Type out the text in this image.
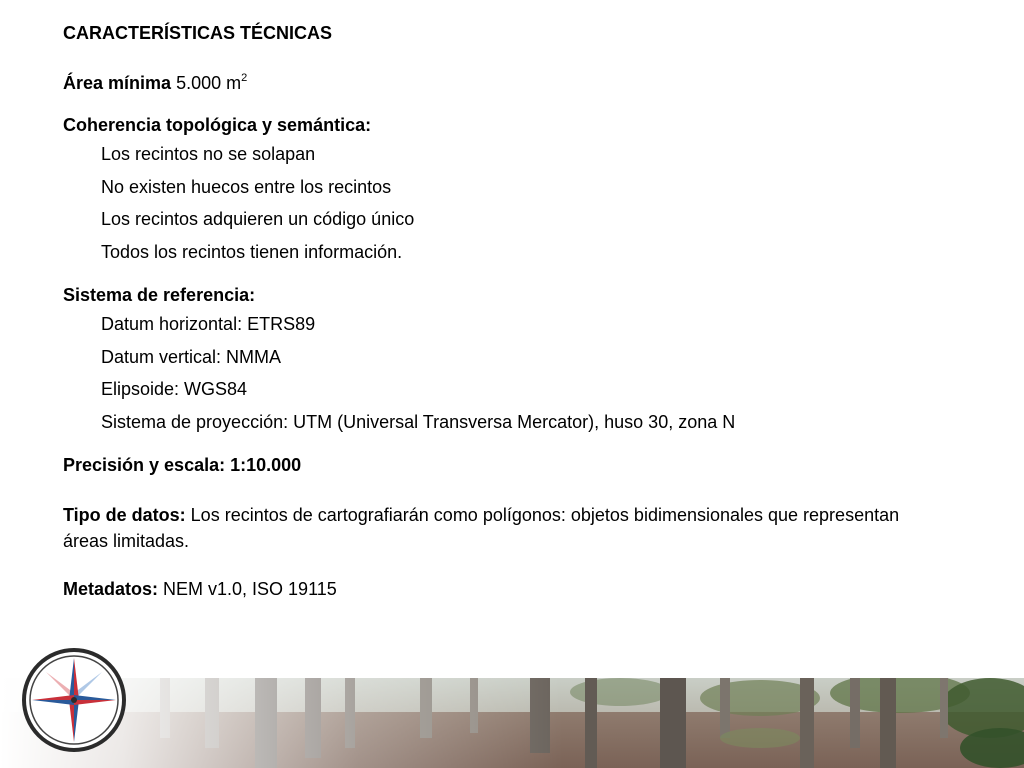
CARACTERÍSTICAS TÉCNICAS
Área mínima 5.000 $m^2$
Coherencia topológica y semántica:
Los recintos no se solapan
No existen huecos entre los recintos
Los recintos adquieren un código único
Todos los recintos tienen información.
Sistema de referencia:
Datum horizontal: ETRS89
Datum vertical: NMMA
Elipsoide: WGS84
Sistema de proyección: UTM (Universal Transversa Mercator), huso 30, zona N
Precisión y escala: 1:10.000
Tipo de datos: Los recintos de cartografiarán como polígonos: objetos bidimensionales que representan áreas limitadas.
Metadatos: NEM v1.0, ISO 19115
